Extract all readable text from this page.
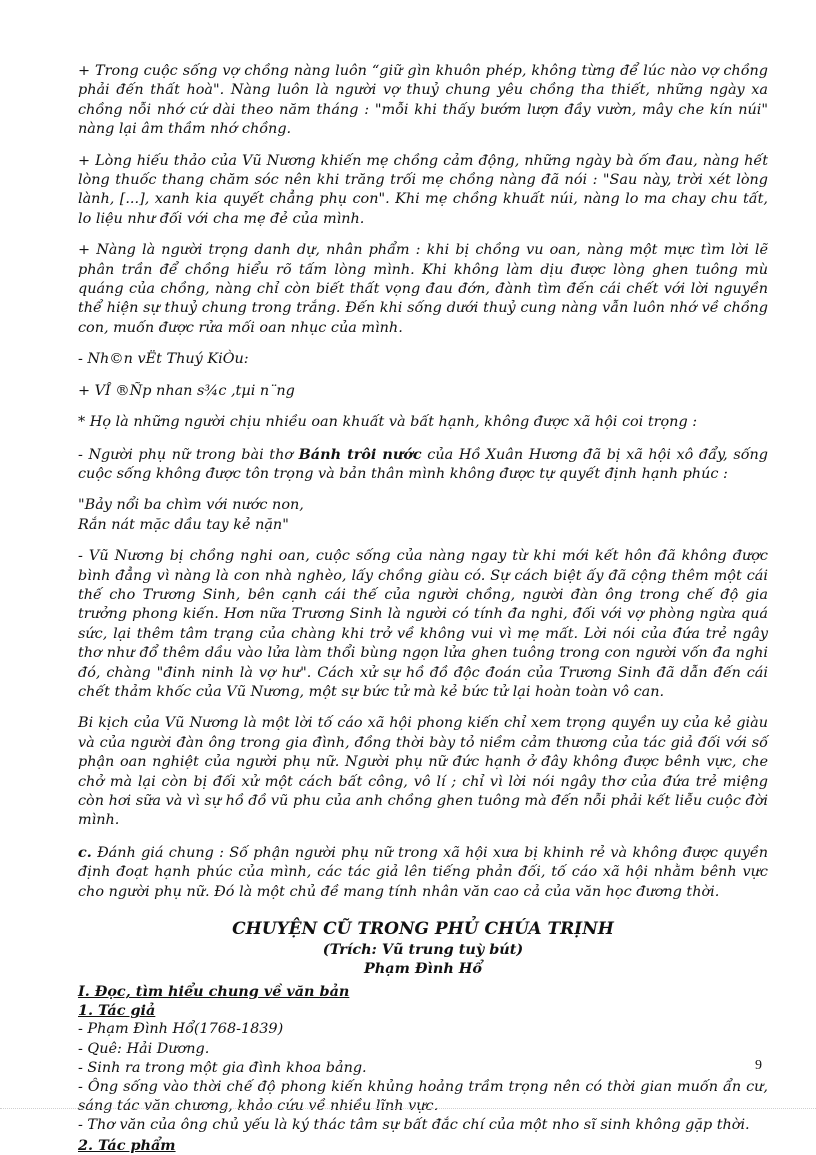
+ Trong cuộc sống vợ chồng nàng luôn “giữ gìn khuôn phép, không từng để lúc nào vợ chồng phải đến thất hoà". Nàng luôn là người vợ thuỷ chung yêu chồng tha thiết, những ngày xa chồng nỗi nhớ cứ dài theo năm tháng : "mỗi khi thấy bướm lượn đầy vườn, mây che kín núi" nàng lại âm thầm nhớ chồng.

+ Lòng hiếu thảo của Vũ Nương khiến mẹ chồng cảm động, những ngày bà ốm đau, nàng hết lòng thuốc thang chăm sóc nên khi trăng trối mẹ chồng nàng đã nói : "Sau này, trời xét lòng lành, [...], xanh kia quyết chẳng phụ con". Khi mẹ chồng khuất núi, nàng lo ma chay chu tất, lo liệu như đối với cha mẹ đẻ của mình.

+ Nàng là người trọng danh dự, nhân phẩm : khi bị chồng vu oan, nàng một mực tìm lời lẽ phân trần để chồng hiểu rõ tấm lòng mình. Khi không làm dịu được lòng ghen tuông mù quáng của chồng, nàng chỉ còn biết thất vọng đau đớn, đành tìm đến cái chết với lời nguyền thể hiện sự thuỷ chung trong trắng. Đến khi sống dưới thuỷ cung nàng vẫn luôn nhớ về chồng con, muốn được rửa mối oan nhục của mình.

- Nh©n vËt Thuý KiÒu:

+ VÎ ®Ñp nhan s¾c ,tµi n¨ng

* Họ là những người chịu nhiều oan khuất và bất hạnh, không được xã hội coi trọng :

- Người phụ nữ trong bài thơ Bánh trôi nước của Hồ Xuân Hương đã bị xã hội xô đẩy, sống cuộc sống không được tôn trọng và bản thân mình không được tự quyết định hạnh phúc :

"Bảy nổi ba chìm với nước non,

Rắn nát mặc dầu tay kẻ nặn"

- Vũ Nương bị chồng nghi oan, cuộc sống của nàng ngay từ khi mới kết hôn đã không được bình đẳng vì nàng là con nhà nghèo, lấy chồng giàu có. Sự cách biệt ấy đã cộng thêm một cái thế cho Trương Sinh, bên cạnh cái thế của người chồng, người đàn ông trong chế độ gia trưởng phong kiến. Hơn nữa Trương Sinh là người có tính đa nghi, đối với vợ phòng ngừa quá sức, lại thêm tâm trạng của chàng khi trở về không vui vì mẹ mất. Lời nói của đứa trẻ ngây thơ như đổ thêm dầu vào lửa làm thổi bùng ngọn lửa ghen tuông trong con người vốn đa nghi đó, chàng "đinh ninh là vợ hư". Cách xử sự hồ đồ độc đoán của Trương Sinh đã dẫn đến cái chết thảm khốc của Vũ Nương, một sự bức tử mà kẻ bức tử lại hoàn toàn vô can.

Bi kịch của Vũ Nương là một lời tố cáo xã hội phong kiến chỉ xem trọng quyền uy của kẻ giàu và của người đàn ông trong gia đình, đồng thời bày tỏ niềm cảm thương của tác giả đối với số phận oan nghiệt của người phụ nữ. Người phụ nữ đức hạnh ở đây không được bênh vực, che chở mà lại còn bị đối xử một cách bất công, vô lí ; chỉ vì lời nói ngây thơ của đứa trẻ miệng còn hơi sữa và vì sự hồ đồ vũ phu của anh chồng ghen tuông mà đến nỗi phải kết liễu cuộc đời mình.

c. Đánh giá chung : Số phận người phụ nữ trong xã hội xưa bị khinh rẻ và không được quyền định đoạt hạnh phúc của mình, các tác giả lên tiếng phản đối, tố cáo xã hội nhằm bênh vực cho người phụ nữ. Đó là một chủ đề mang tính nhân văn cao cả của văn học đương thời.

CHUYỆN CŨ TRONG PHỦ CHÚA TRỊNH

(Trích: Vũ trung tuỳ bút)

Phạm Đình Hổ

I. Đọc, tìm hiểu chung về văn bản

1. Tác giả

- Phạm Đình Hổ(1768-1839)

- Quê: Hải Dương.

- Sinh ra trong một gia đình khoa bảng.

- Ông sống vào thời chế độ phong kiến khủng hoảng trầm trọng nên có thời gian muốn ẩn cư, sáng tác văn chương, khảo cứu về nhiều lĩnh vực.

- Thơ văn của ông chủ yếu là ký thác tâm sự bất đắc chí của một nho sĩ sinh không gặp thời.

2. Tác phẩm

9
